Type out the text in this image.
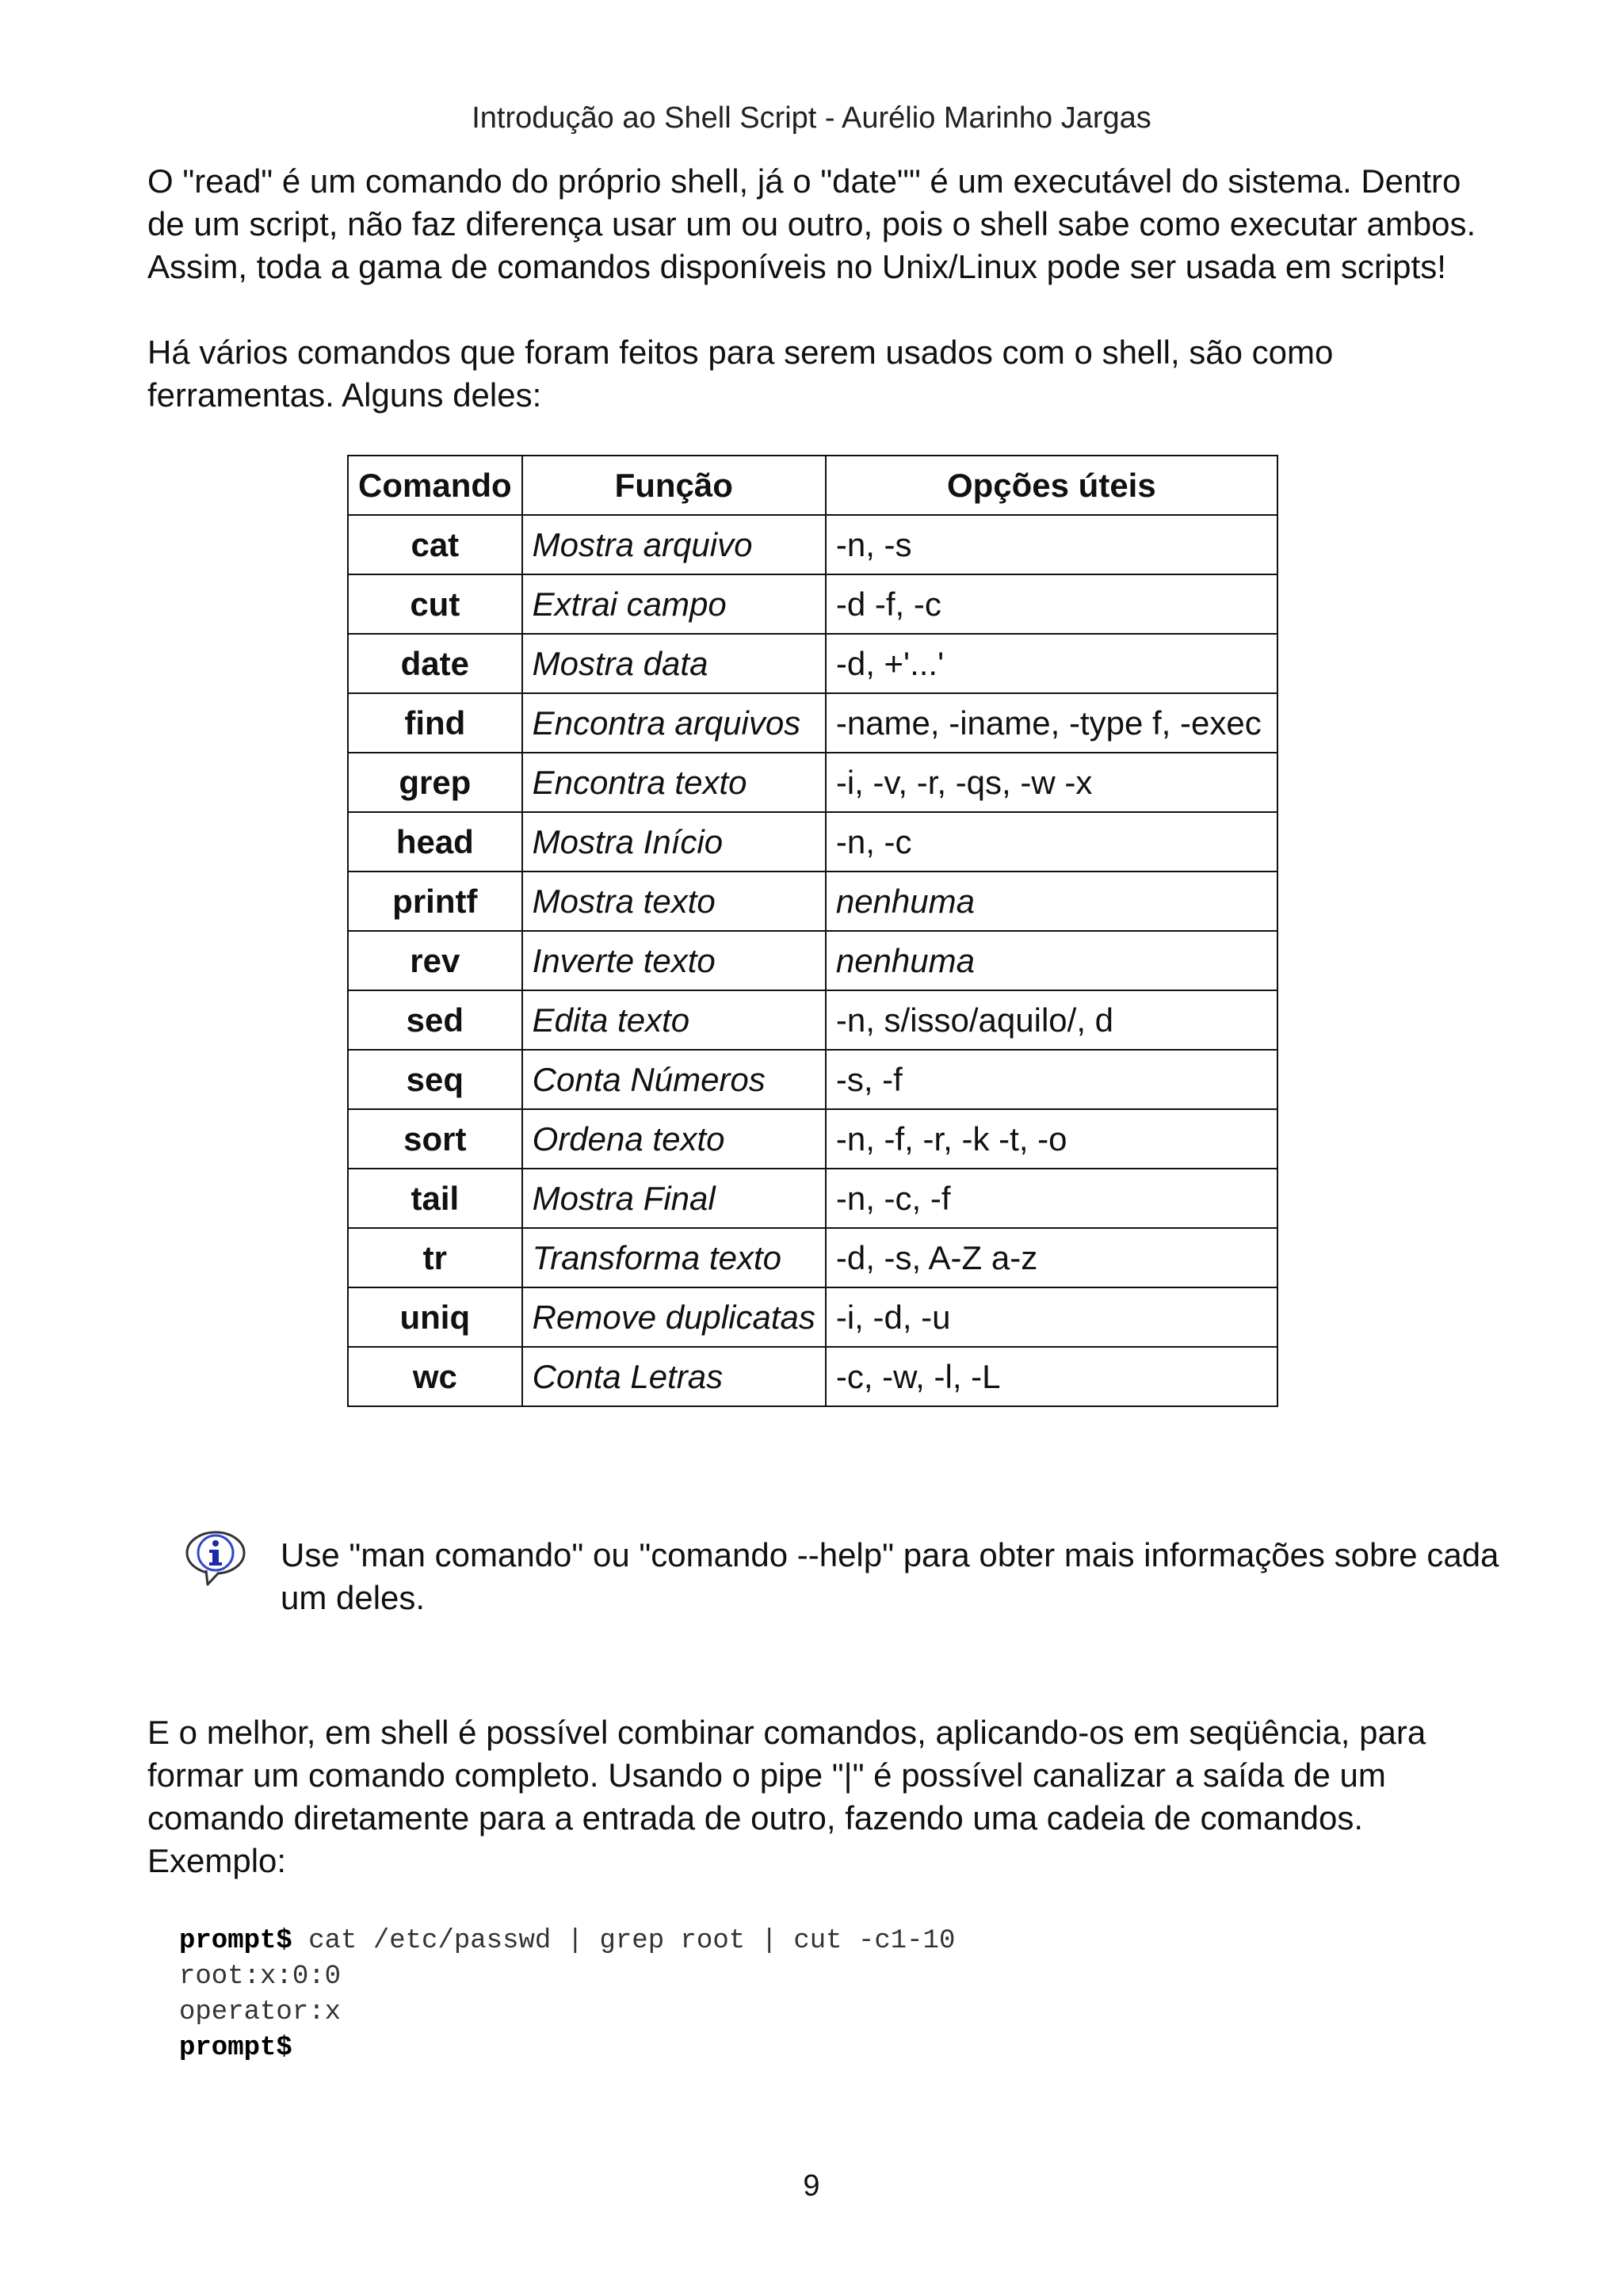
Introdução ao Shell Script - Aurélio Marinho Jargas

O "read" é um comando do próprio shell, já o "date"" é um executável do sistema. Dentro de um script, não faz diferença usar um ou outro, pois o shell sabe como executar ambos. Assim, toda a gama de comandos disponíveis no Unix/Linux pode ser usada em scripts!

Há vários comandos que foram feitos para serem usados com o shell, são como ferramentas. Alguns deles:

Comando	Função	Opções úteis
cat	Mostra arquivo	-n, -s
cut	Extrai campo	-d -f, -c
date	Mostra data	-d, +'...'
find	Encontra arquivos	-name, -iname, -type f, -exec
grep	Encontra texto	-i, -v, -r, -qs, -w -x
head	Mostra Início	-n, -c
printf	Mostra texto	nenhuma
rev	Inverte texto	nenhuma
sed	Edita texto	-n, s/isso/aquilo/, d
seq	Conta Números	-s, -f
sort	Ordena texto	-n, -f, -r, -k -t, -o
tail	Mostra Final	-n, -c, -f
tr	Transforma texto	-d, -s, A-Z a-z
uniq	Remove duplicatas	-i, -d, -u
wc	Conta Letras	-c, -w, -l, -L

Use "man comando" ou "comando --help" para obter mais informações sobre cada um deles.

E o melhor, em shell é possível combinar comandos, aplicando-os em seqüência, para formar um comando completo. Usando o pipe "|" é possível canalizar a saída de um comando diretamente para a entrada de outro, fazendo uma cadeia de comandos. Exemplo:

prompt$ cat /etc/passwd | grep root | cut -c1-10
root:x:0:0
operator:x
prompt$
9
